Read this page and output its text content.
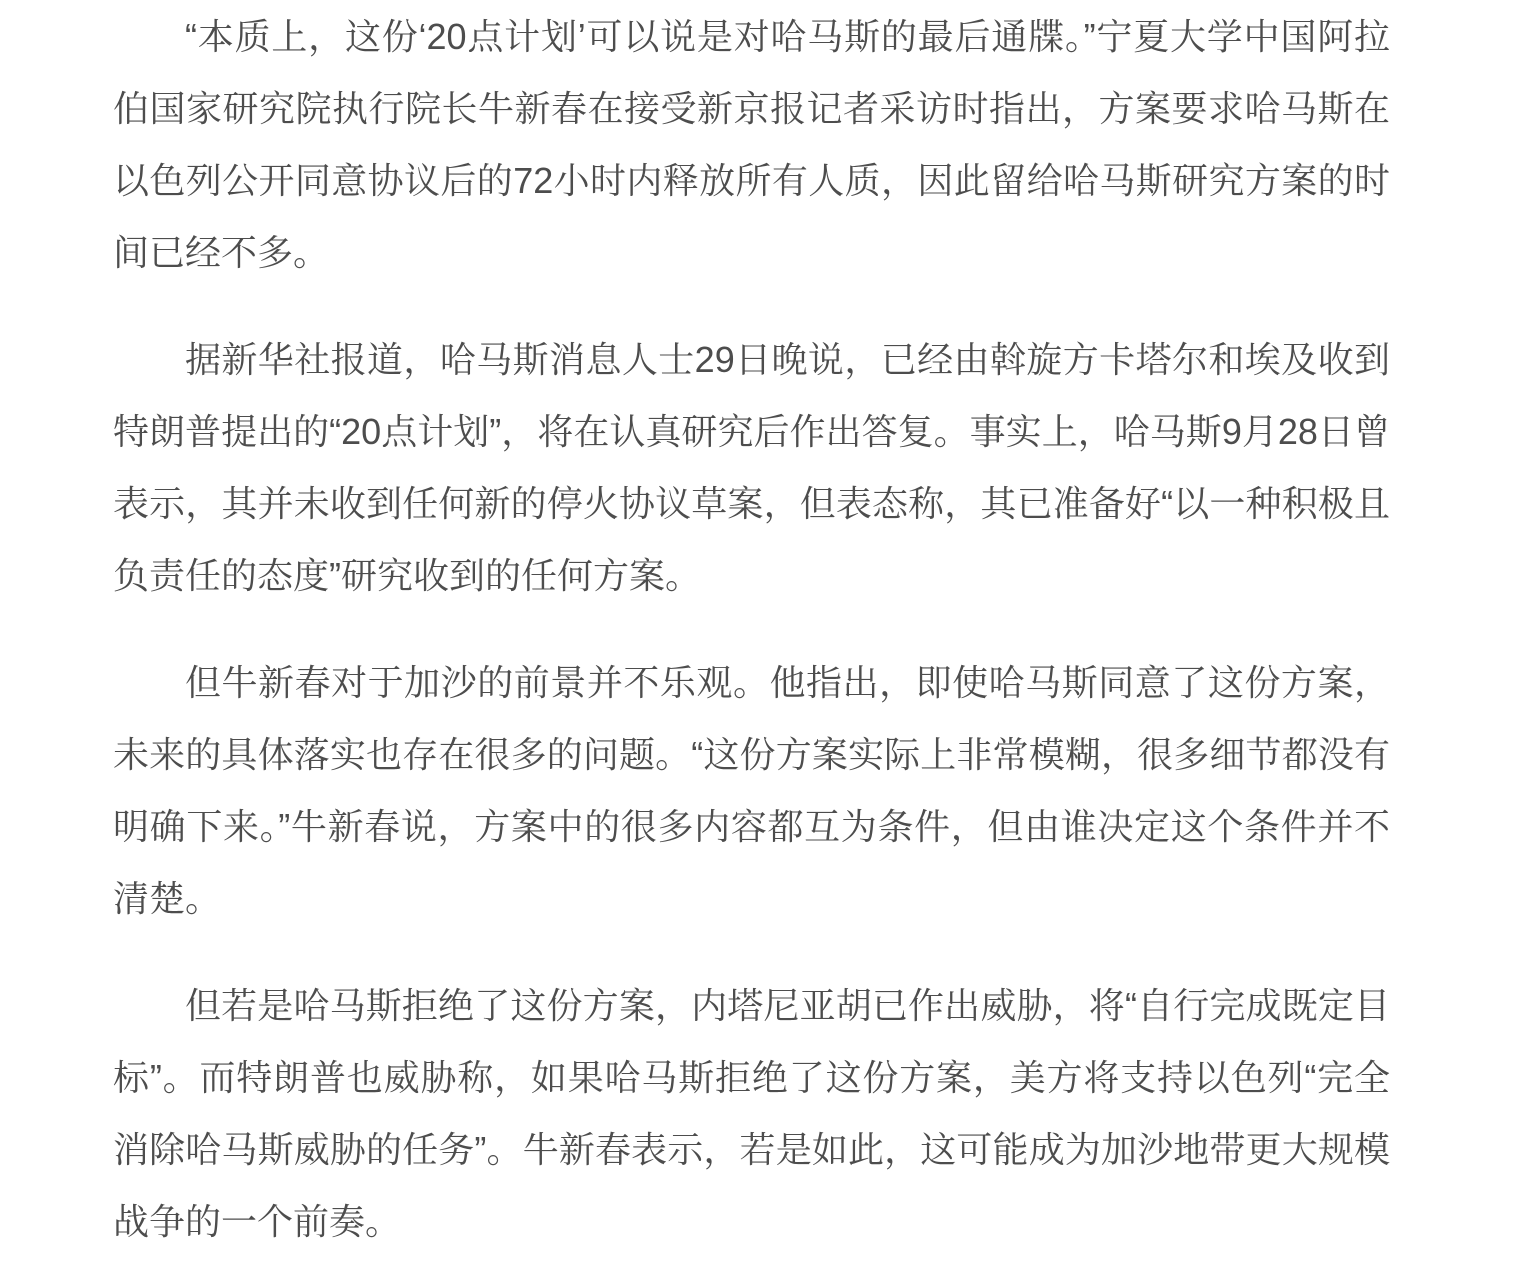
“本质上，这份‘20点计划’可以说是对哈马斯的最后通牒。”宁夏大学中国阿拉伯国家研究院执行院长牛新春在接受新京报记者采访时指出，方案要求哈马斯在以色列公开同意协议后的72小时内释放所有人质，因此留给哈马斯研究方案的时间已经不多。

据新华社报道，哈马斯消息人士29日晚说，已经由斡旋方卡塔尔和埃及收到特朗普提出的“20点计划”，将在认真研究后作出答复。事实上，哈马斯9月28日曾表示，其并未收到任何新的停火协议草案，但表态称，其已准备好“以一种积极且负责任的态度”研究收到的任何方案。

但牛新春对于加沙的前景并不乐观。他指出，即使哈马斯同意了这份方案，未来的具体落实也存在很多的问题。“这份方案实际上非常模糊，很多细节都没有明确下来。”牛新春说，方案中的很多内容都互为条件，但由谁决定这个条件并不清楚。

但若是哈马斯拒绝了这份方案，内塔尼亚胡已作出威胁，将“自行完成既定目标”。而特朗普也威胁称，如果哈马斯拒绝了这份方案，美方将支持以色列“完全消除哈马斯威胁的任务”。牛新春表示，若是如此，这可能成为加沙地带更大规模战争的一个前奏。
